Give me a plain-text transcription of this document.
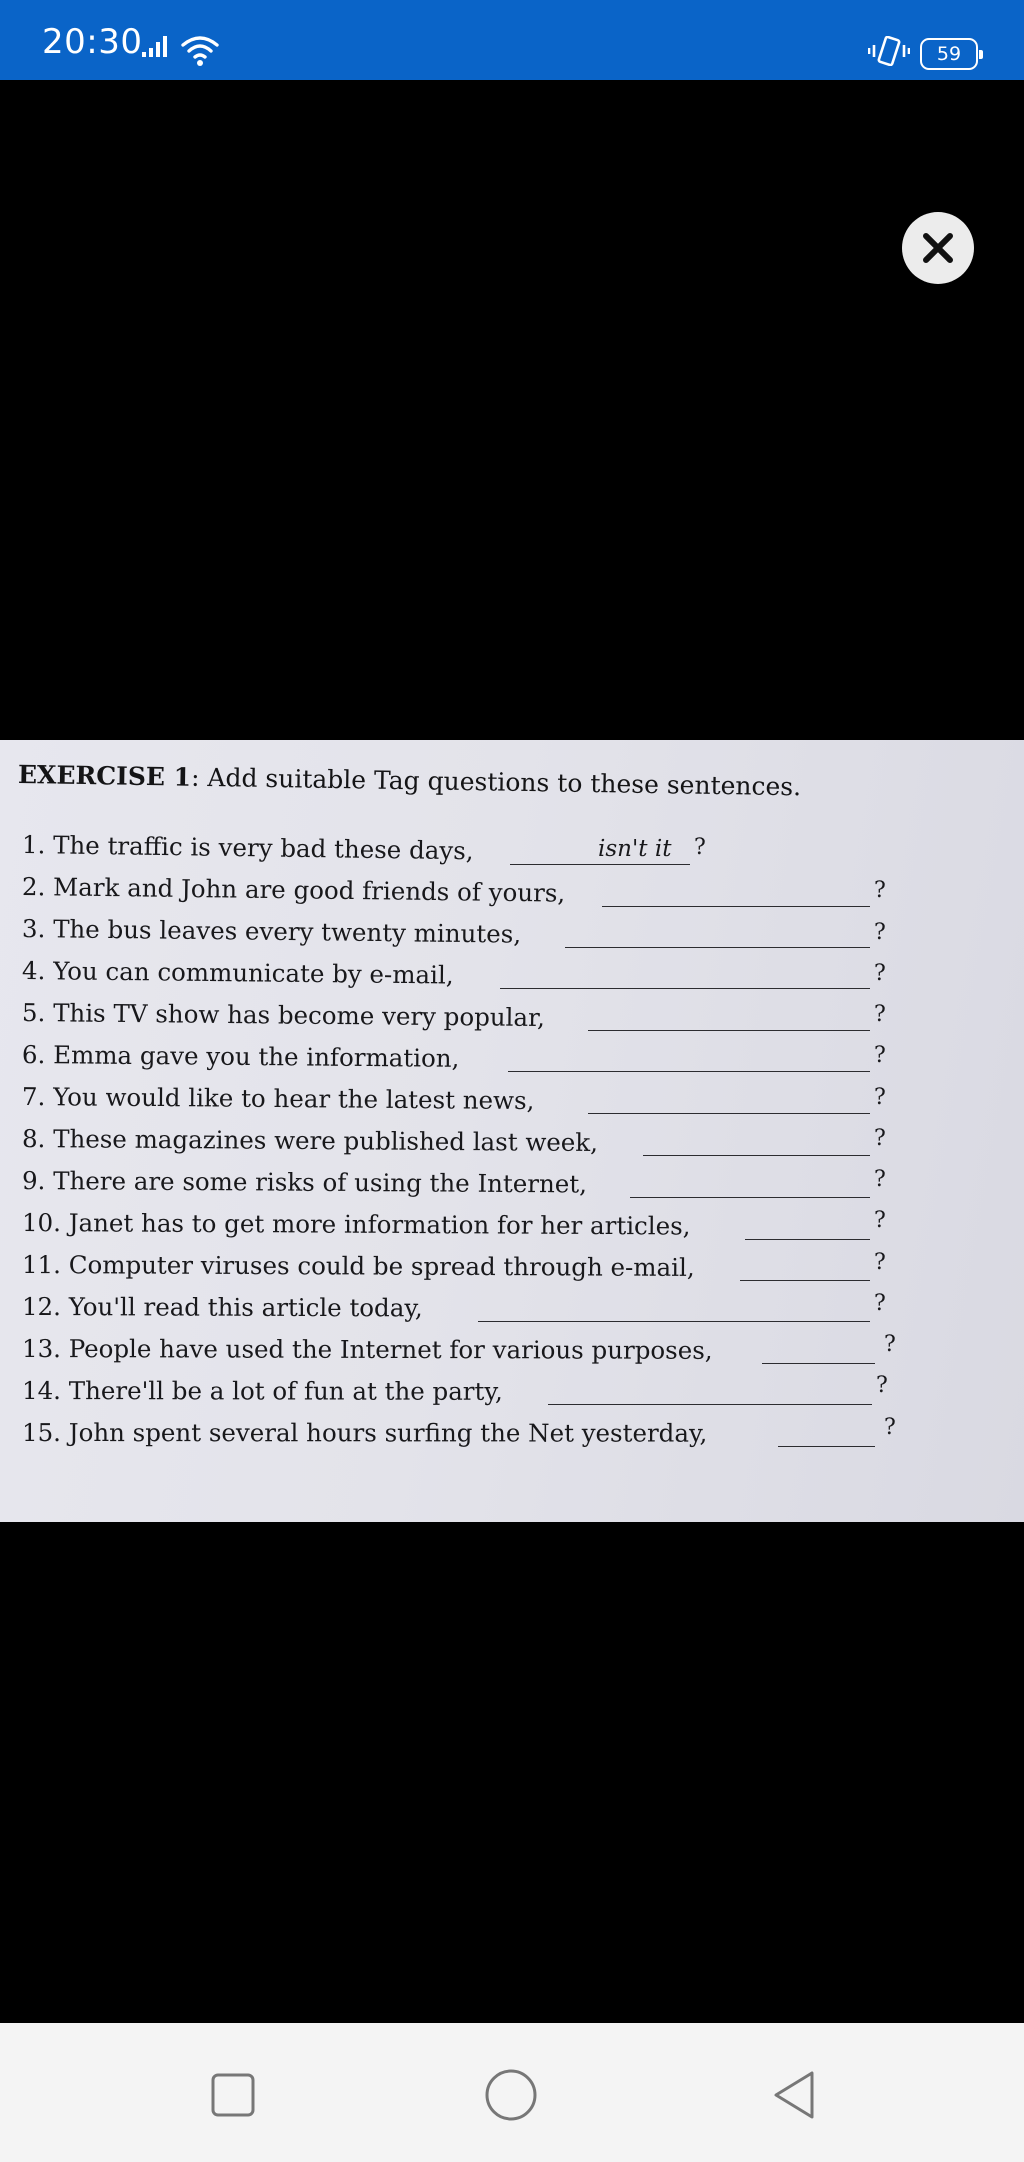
20:30	59
EXERCISE 1: Add suitable Tag questions to these sentences.
1. The traffic is very bad these days,	isn't it ?
2. Mark and John are good friends of yours,	?
3. The bus leaves every twenty minutes,	?
4. You can communicate by e-mail,	?
5. This TV show has become very popular,	?
6. Emma gave you the information,	?
7. You would like to hear the latest news,	?
8. These magazines were published last week,	?
9. There are some risks of using the Internet,	?
10. Janet has to get more information for her articles,	?
11. Computer viruses could be spread through e-mail,	?
12. You'll read this article today,	?
13. People have used the Internet for various purposes,	?
14. There'll be a lot of fun at the party,	?
15. John spent several hours surfing the Net yesterday,	?
